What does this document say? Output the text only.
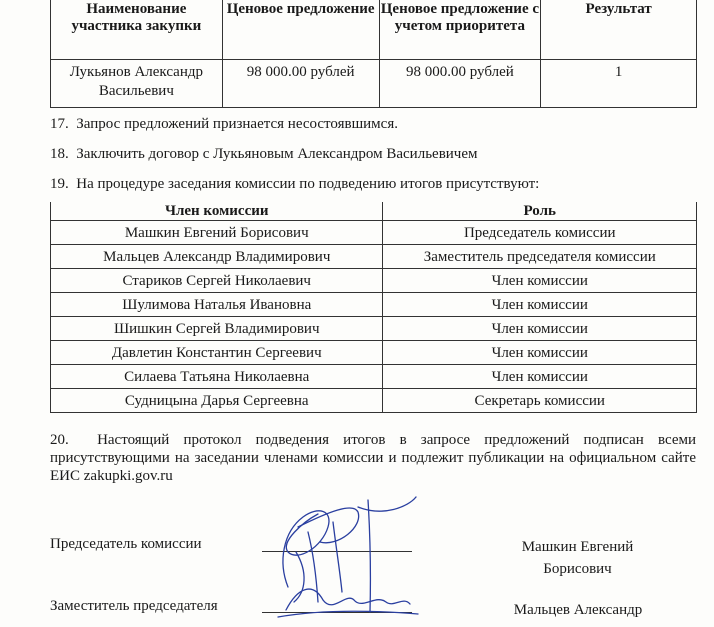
Наименование участника закупки	Ценовое предложение	Ценовое предложение с учетом приоритета	Результат
Лукьянов Александр Васильевич	98 000.00 рублей	98 000.00 рублей	1
17. Запрос предложений признается несостоявшимся.
18. Заключить договор с Лукьяновым Александром Васильевичем
19. На процедуре заседания комиссии по подведению итогов присутствуют:
Член комиссии	Роль
Машкин Евгений Борисович	Председатель комиссии
Мальцев Александр Владимирович	Заместитель председателя комиссии
Стариков Сергей Николаевич	Член комиссии
Шулимова Наталья Ивановна	Член комиссии
Шишкин Сергей Владимирович	Член комиссии
Давлетин Константин Сергеевич	Член комиссии
Силаева Татьяна Николаевна	Член комиссии
Судницына Дарья Сергеевна	Секретарь комиссии
20. Настоящий протокол подведения итогов в запросе предложений подписан всеми присутствующими на заседании членами комиссии и подлежит публикации на официальном сайте ЕИС zakupki.gov.ru
Председатель комиссии	Машкин Евгений
Борисович
Заместитель председателя	Мальцев Александр
